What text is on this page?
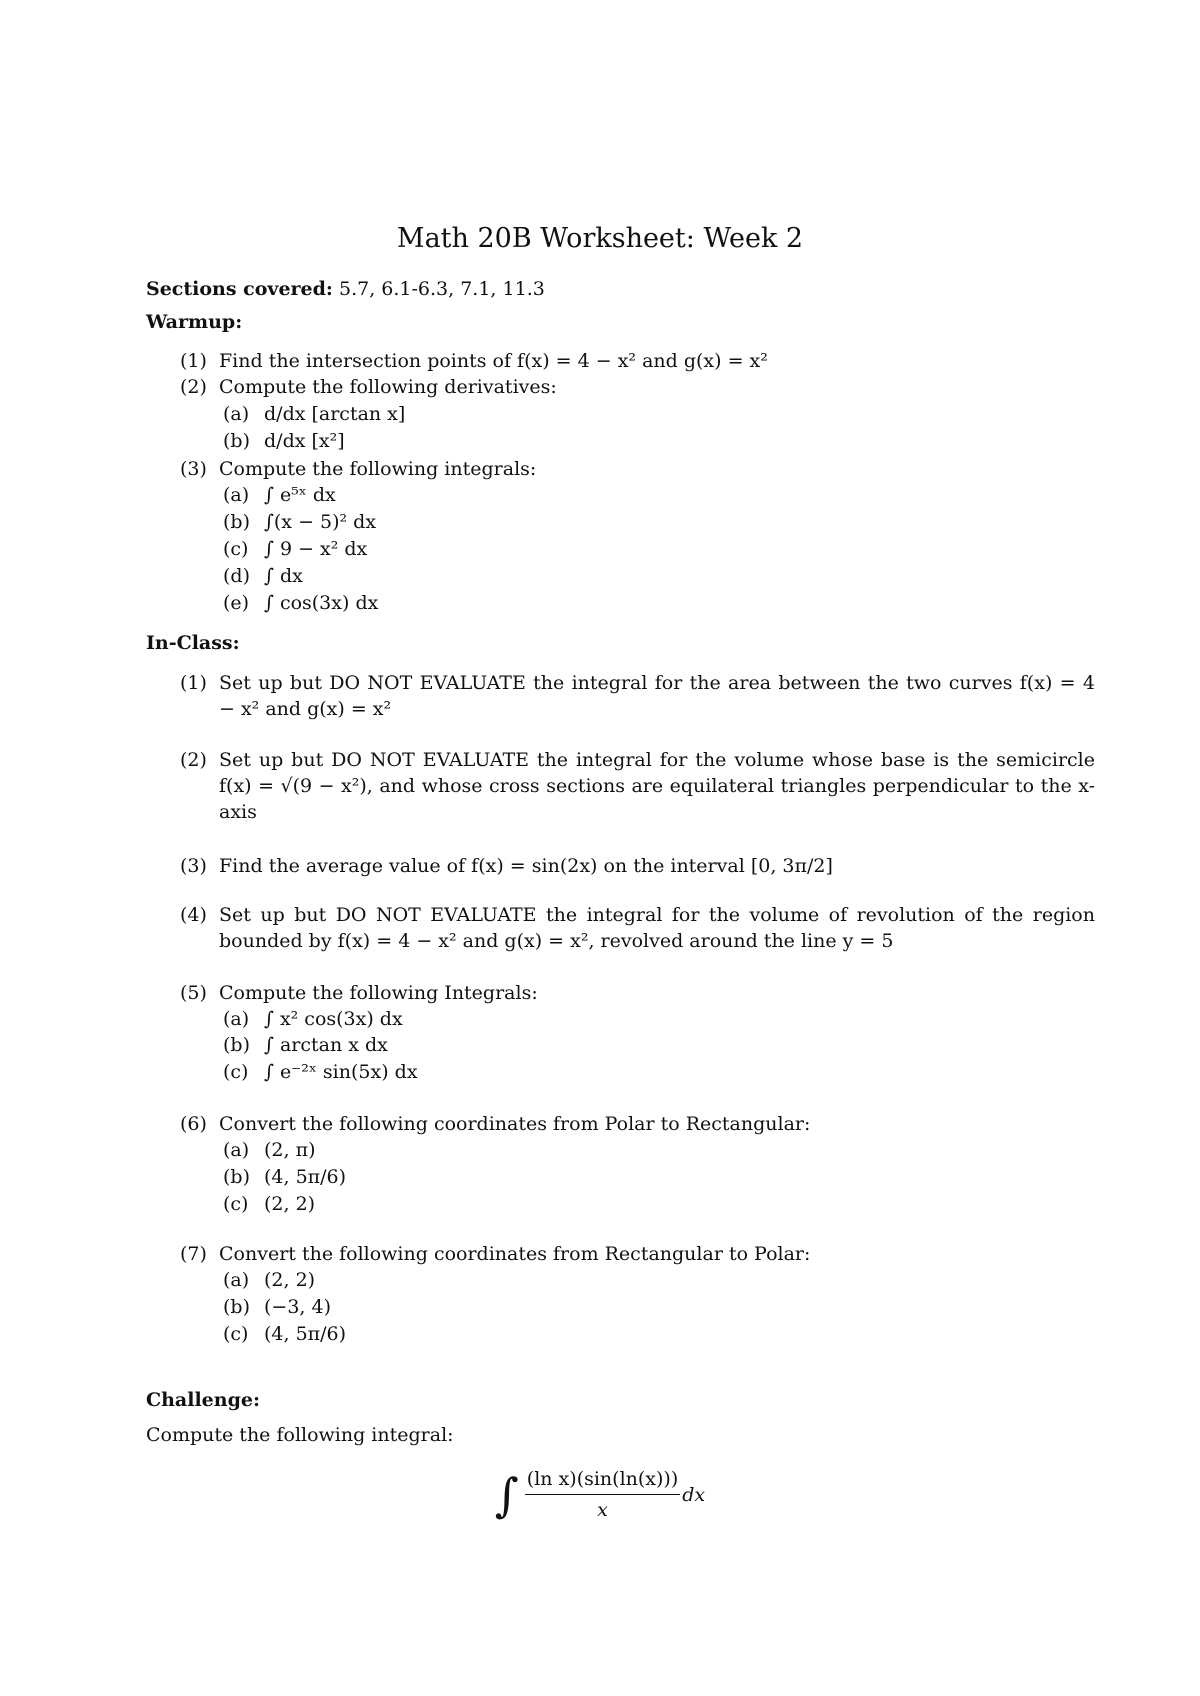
Math 20B Worksheet: Week 2
Sections covered: 5.7, 6.1-6.3, 7.1, 11.3
Warmup:
(1) Find the intersection points of f(x) = 4 − x² and g(x) = x²
(2) Compute the following derivatives:
(a) d/dx [arctan x]
(b) d/dx [x²]
(3) Compute the following integrals:
(a) ∫ e⁵ˣ dx
(b) ∫(x − 5)² dx
(c) ∫ 9 − x² dx
(d) ∫ dx
(e) ∫ cos(3x) dx
In-Class:
(1) Set up but DO NOT EVALUATE the integral for the area between the two curves f(x) = 4 − x² and g(x) = x²
(2) Set up but DO NOT EVALUATE the integral for the volume whose base is the semicircle f(x) = √(9 − x²), and whose cross sections are equilateral triangles perpendicular to the x-axis
(3) Find the average value of f(x) = sin(2x) on the interval [0, 3π/2]
(4) Set up but DO NOT EVALUATE the integral for the volume of revolution of the region bounded by f(x) = 4 − x² and g(x) = x², revolved around the line y = 5
(5) Compute the following Integrals:
(a) ∫ x² cos(3x) dx
(b) ∫ arctan x dx
(c) ∫ e⁻²ˣ sin(5x) dx
(6) Convert the following coordinates from Polar to Rectangular:
(a) (2, π)
(b) (4, 5π/6)
(c) (2, 2)
(7) Convert the following coordinates from Rectangular to Polar:
(a) (2, 2)
(b) (−3, 4)
(c) (4, 5π/6)
Challenge:
Compute the following integral:
∫ $\frac{\text{(ln x)(sin(ln(x)))}}{x}$ dx
